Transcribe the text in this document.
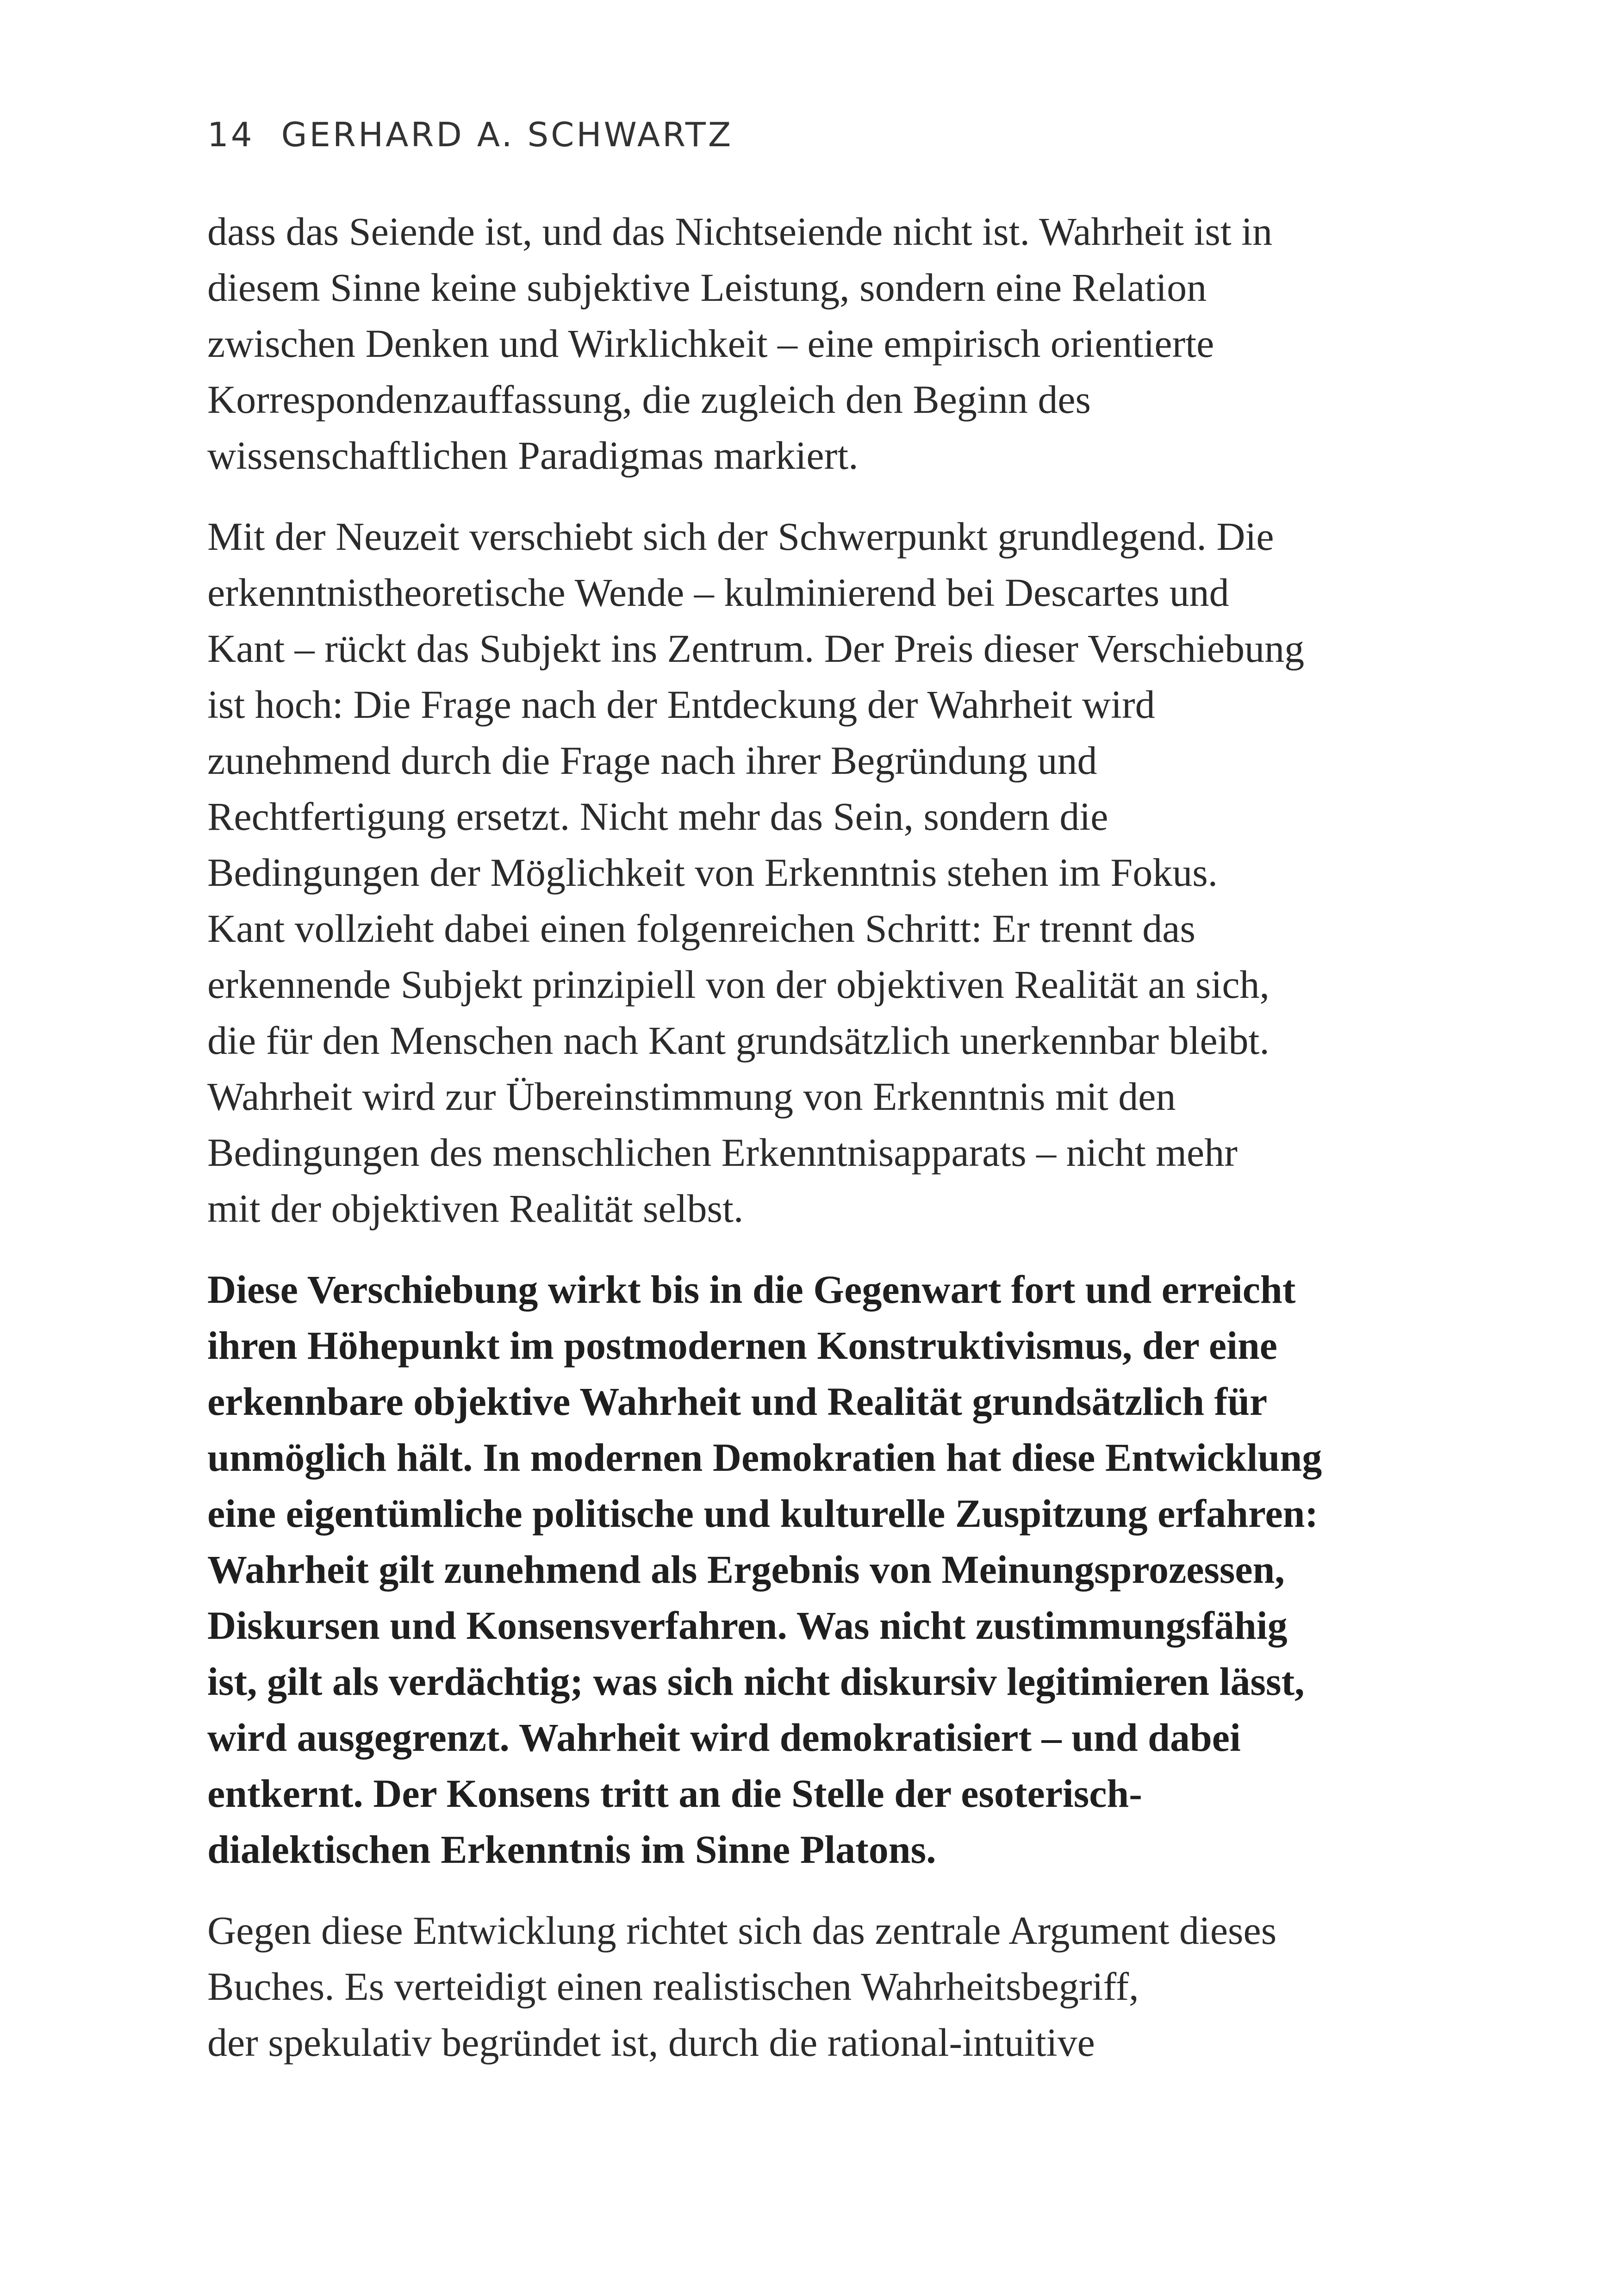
14 GERHARD A. SCHWARTZ

dass das Seiende ist, und das Nichtseiende nicht ist. Wahrheit ist in
diesem Sinne keine subjektive Leistung, sondern eine Relation
zwischen Denken und Wirklichkeit – eine empirisch orientierte
Korrespondenzauffassung, die zugleich den Beginn des
wissenschaftlichen Paradigmas markiert.

Mit der Neuzeit verschiebt sich der Schwerpunkt grundlegend. Die
erkenntnistheoretische Wende – kulminierend bei Descartes und
Kant – rückt das Subjekt ins Zentrum. Der Preis dieser Verschiebung
ist hoch: Die Frage nach der Entdeckung der Wahrheit wird
zunehmend durch die Frage nach ihrer Begründung und
Rechtfertigung ersetzt. Nicht mehr das Sein, sondern die
Bedingungen der Möglichkeit von Erkenntnis stehen im Fokus.
Kant vollzieht dabei einen folgenreichen Schritt: Er trennt das
erkennende Subjekt prinzipiell von der objektiven Realität an sich,
die für den Menschen nach Kant grundsätzlich unerkennbar bleibt.
Wahrheit wird zur Übereinstimmung von Erkenntnis mit den
Bedingungen des menschlichen Erkenntnisapparats – nicht mehr
mit der objektiven Realität selbst.

Diese Verschiebung wirkt bis in die Gegenwart fort und erreicht
ihren Höhepunkt im postmodernen Konstruktivismus, der eine
erkennbare objektive Wahrheit und Realität grundsätzlich für
unmöglich hält. In modernen Demokratien hat diese Entwicklung
eine eigentümliche politische und kulturelle Zuspitzung erfahren:
Wahrheit gilt zunehmend als Ergebnis von Meinungsprozessen,
Diskursen und Konsensverfahren. Was nicht zustimmungsfähig
ist, gilt als verdächtig; was sich nicht diskursiv legitimieren lässt,
wird ausgegrenzt. Wahrheit wird demokratisiert – und dabei
entkernt. Der Konsens tritt an die Stelle der esoterisch-
dialektischen Erkenntnis im Sinne Platons.

Gegen diese Entwicklung richtet sich das zentrale Argument dieses
Buches. Es verteidigt einen realistischen Wahrheitsbegriff,
der spekulativ begründet ist, durch die rational-intuitive
